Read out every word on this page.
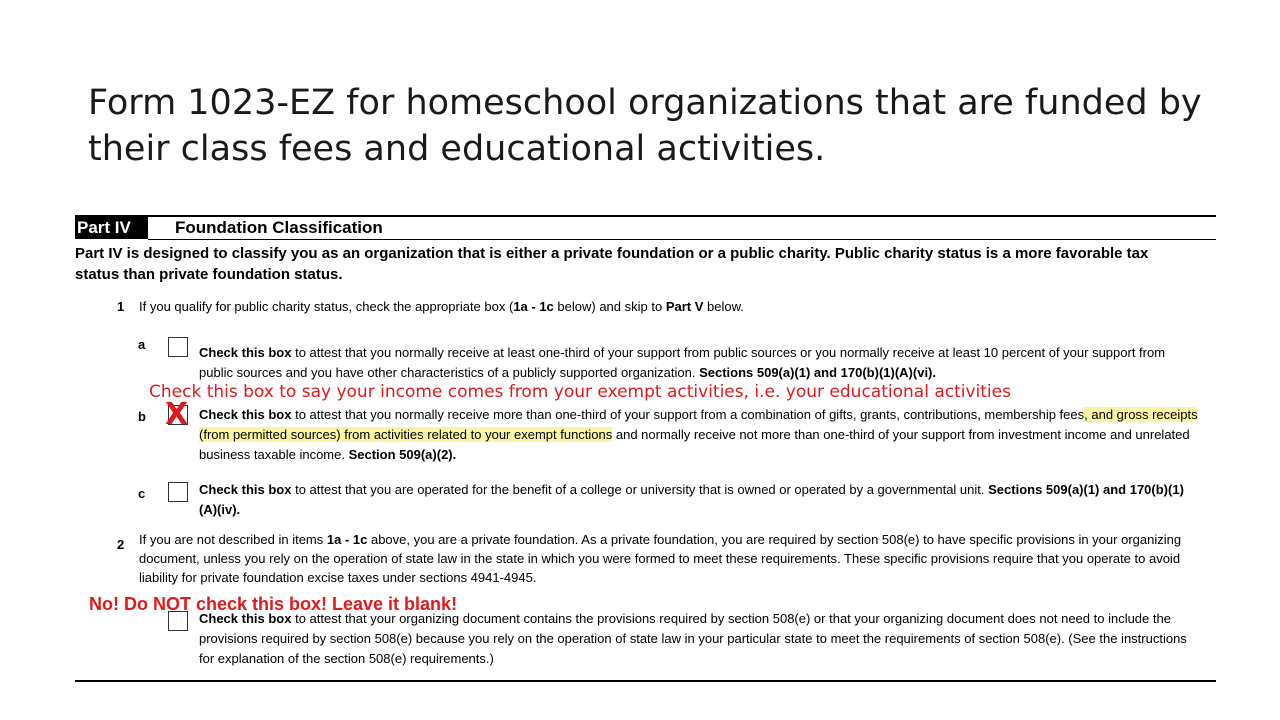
Form 1023-EZ for homeschool organizations that are funded by their class fees and educational activities.
Part IV	Foundation Classification
Part IV is designed to classify you as an organization that is either a private foundation or a public charity. Public charity status is a more favorable tax status than private foundation status.
1 If you qualify for public charity status, check the appropriate box (1a - 1c below) and skip to Part V below.
a
Check this box to attest that you normally receive at least one-third of your support from public sources or you normally receive at least 10 percent of your support from public sources and you have other characteristics of a publicly supported organization. Sections 509(a)(1) and 170(b)(1)(A)(vi).
b	Check this box to attest that you normally receive more than one-third of your support from a combination of gifts, grants, contributions, membership fees, and gross receipts (from permitted sources) from activities related to your exempt functions and normally receive not more than one-third of your support from investment income and unrelated business taxable income. Section 509(a)(2).
c	Check this box to attest that you are operated for the benefit of a college or university that is owned or operated by a governmental unit. Sections 509(a)(1) and 170(b)(1)(A)(iv).
2 If you are not described in items 1a - 1c above, you are a private foundation. As a private foundation, you are required by section 508(e) to have specific provisions in your organizing document, unless you rely on the operation of state law in the state in which you were formed to meet these requirements. These specific provisions require that you operate to avoid liability for private foundation excise taxes under sections 4941-4945.
Check this box to attest that your organizing document contains the provisions required by section 508(e) or that your organizing document does not need to include the provisions required by section 508(e) because you rely on the operation of state law in your particular state to meet the requirements of section 508(e). (See the instructions for explanation of the section 508(e) requirements.)
Check this box to say your income comes from your exempt activities, i.e. your educational activities
X
No! Do NOT check this box! Leave it blank!
